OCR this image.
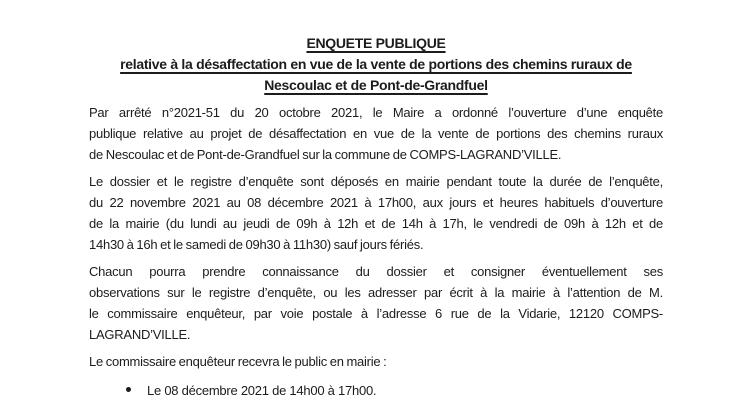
ENQUETE PUBLIQUE
relative à la désaffectation en vue de la vente de portions des chemins ruraux de
Nescoulac et de Pont-de-Grandfuel
Par arrêté n°2021-51 du 20 octobre 2021, le Maire a ordonné l’ouverture d’une enquête
publique relative au projet de désaffectation en vue de la vente de portions des chemins ruraux
de Nescoulac et de Pont-de-Grandfuel sur la commune de COMPS-LAGRAND’VILLE.
Le dossier et le registre d’enquête sont déposés en mairie pendant toute la durée de l’enquête,
du 22 novembre 2021 au 08 décembre 2021 à 17h00, aux jours et heures habituels d’ouverture
de la mairie (du lundi au jeudi de 09h à 12h et de 14h à 17h, le vendredi de 09h à 12h et de
14h30 à 16h et le samedi de 09h30 à 11h30) sauf jours fériés.
Chacun pourra prendre connaissance du dossier et consigner éventuellement ses
observations sur le registre d’enquête, ou les adresser par écrit à la mairie à l’attention de M.
le commissaire enquêteur, par voie postale à l’adresse 6 rue de la Vidarie, 12120 COMPS-
LAGRAND’VILLE.
Le commissaire enquêteur recevra le public en mairie :
Le 08 décembre 2021 de 14h00 à 17h00.
